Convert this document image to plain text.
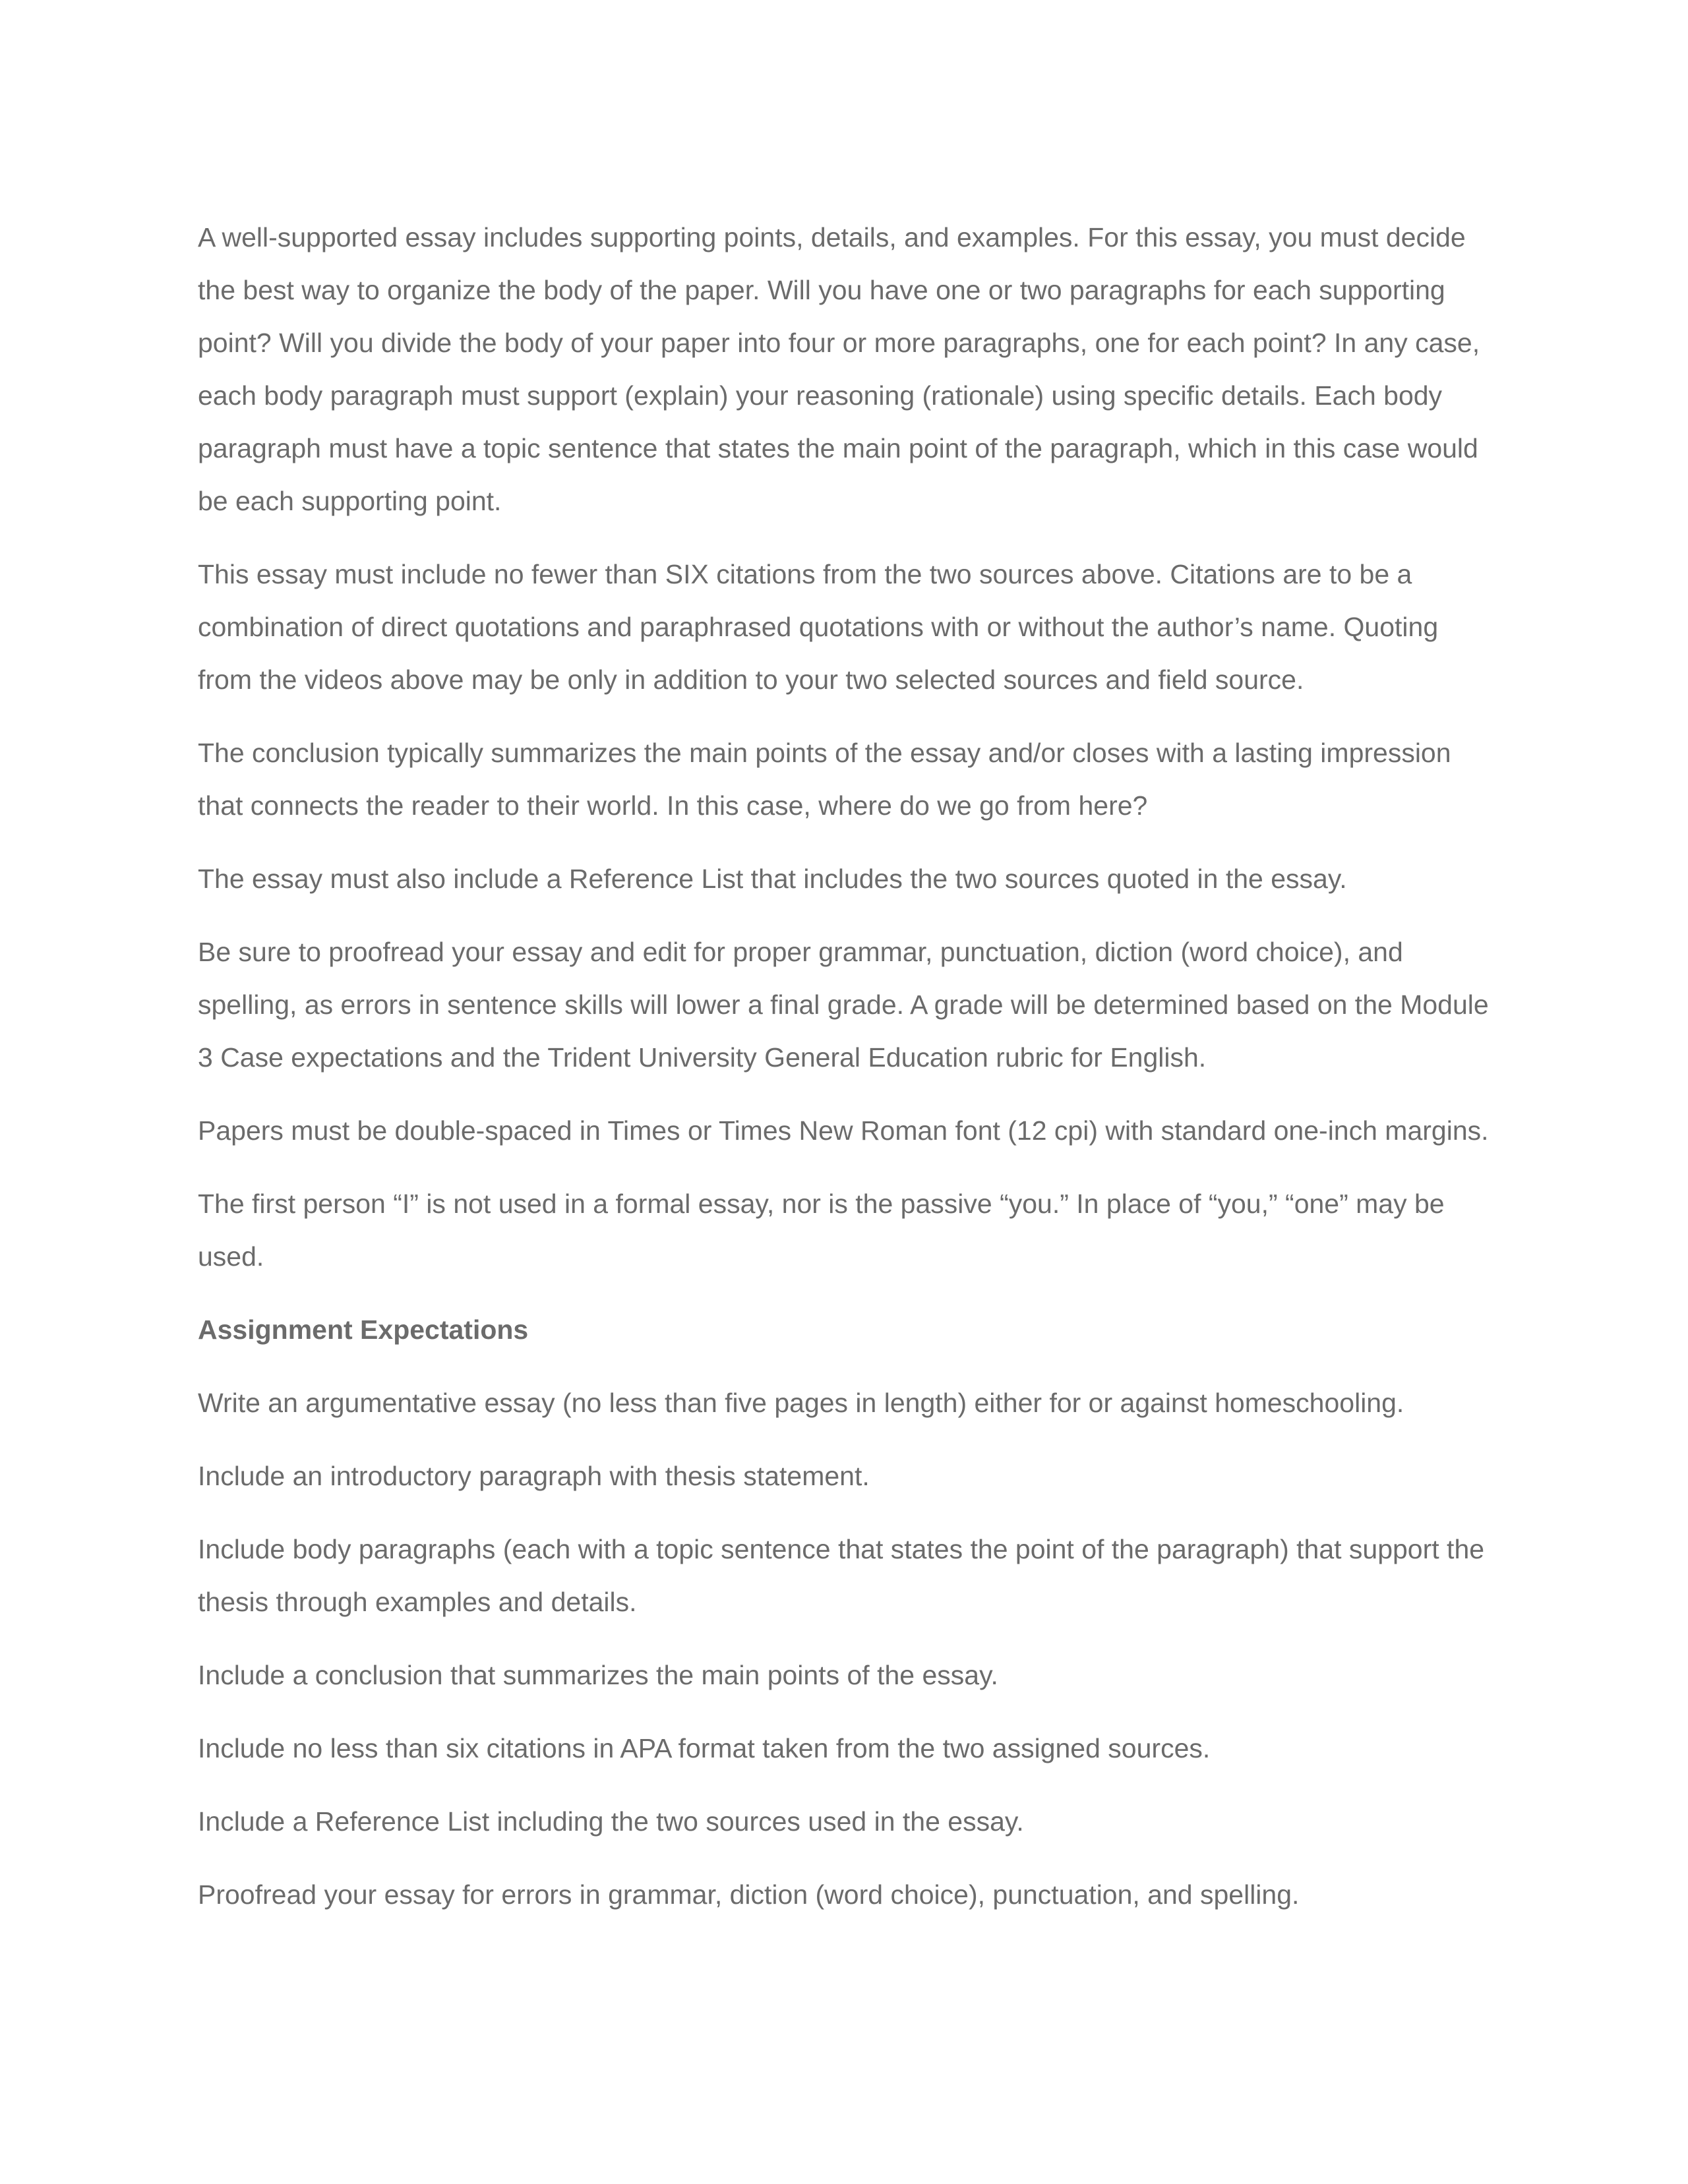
A well-supported essay includes supporting points, details, and examples. For this essay, you must decide the best way to organize the body of the paper. Will you have one or two paragraphs for each supporting point? Will you divide the body of your paper into four or more paragraphs, one for each point? In any case, each body paragraph must support (explain) your reasoning (rationale) using specific details. Each body paragraph must have a topic sentence that states the main point of the paragraph, which in this case would be each supporting point.

This essay must include no fewer than SIX citations from the two sources above. Citations are to be a combination of direct quotations and paraphrased quotations with or without the author’s name. Quoting from the videos above may be only in addition to your two selected sources and field source.

The conclusion typically summarizes the main points of the essay and/or closes with a lasting impression that connects the reader to their world. In this case, where do we go from here?

The essay must also include a Reference List that includes the two sources quoted in the essay.

Be sure to proofread your essay and edit for proper grammar, punctuation, diction (word choice), and spelling, as errors in sentence skills will lower a final grade. A grade will be determined based on the Module 3 Case expectations and the Trident University General Education rubric for English.

Papers must be double-spaced in Times or Times New Roman font (12 cpi) with standard one-inch margins.

The first person “I” is not used in a formal essay, nor is the passive “you.” In place of “you,” “one” may be used.

Assignment Expectations

Write an argumentative essay (no less than five pages in length) either for or against homeschooling.

Include an introductory paragraph with thesis statement.

Include body paragraphs (each with a topic sentence that states the point of the paragraph) that support the thesis through examples and details.

Include a conclusion that summarizes the main points of the essay.

Include no less than six citations in APA format taken from the two assigned sources.

Include a Reference List including the two sources used in the essay.

Proofread your essay for errors in grammar, diction (word choice), punctuation, and spelling.
